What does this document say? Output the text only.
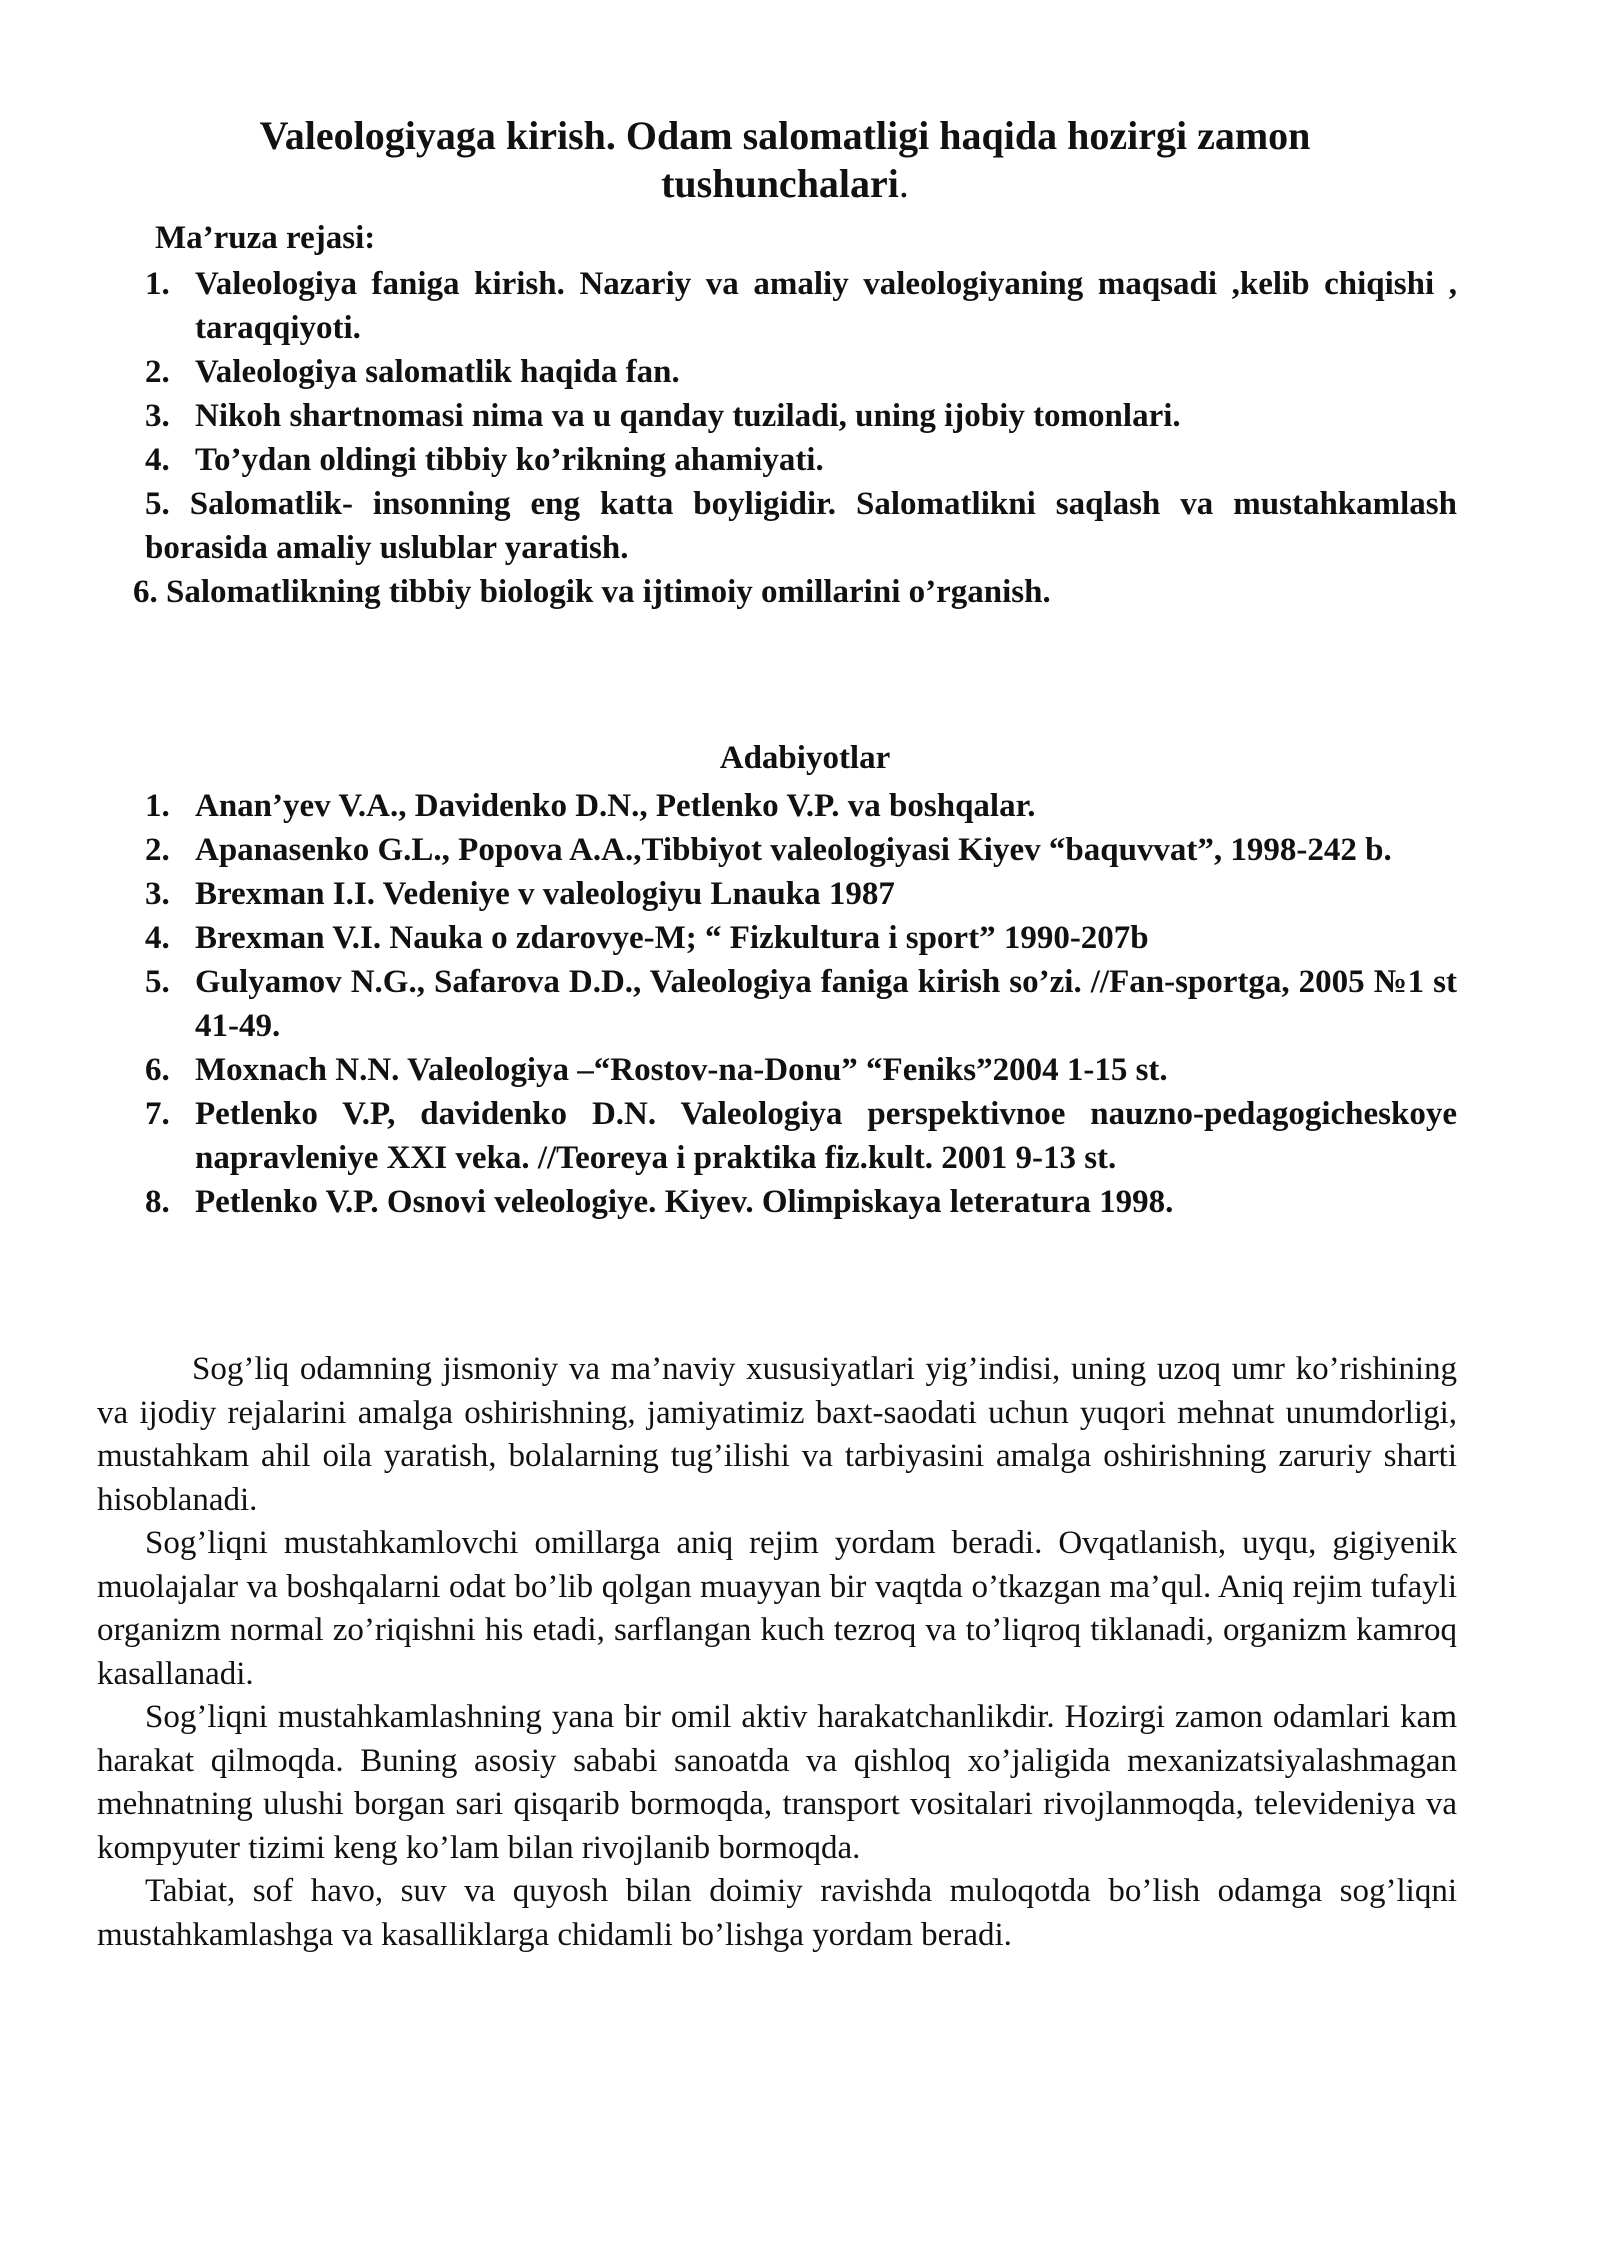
Valeologiyaga kirish. Odam salomatligi haqida hozirgi zamon tushunchalari.

Ma’ruza rejasi:

1. Valeologiya faniga kirish. Nazariy va amaliy valeologiyaning maqsadi ,kelib chiqishi , taraqqiyoti.
2. Valeologiya salomatlik haqida fan.
3. Nikoh shartnomasi nima va u qanday tuziladi, uning ijobiy tomonlari.
4. To’ydan oldingi tibbiy ko’rikning ahamiyati.
5. Salomatlik- insonning eng katta boyligidir. Salomatlikni saqlash va mustahkamlash borasida amaliy uslublar yaratish.
6. Salomatlikning tibbiy biologik va ijtimoiy omillarini o’rganish.

Adabiyotlar

1. Anan’yev V.A., Davidenko D.N., Petlenko V.P. va boshqalar.
2. Apanasenko G.L., Popova A.A.,Tibbiyot valeologiyasi Kiyev “baquvvat”, 1998-242 b.
3. Brexman I.I. Vedeniye v valeologiyu Lnauka 1987
4. Brexman V.I. Nauka o zdarovye-M; “ Fizkultura i sport” 1990-207b
5. Gulyamov N.G., Safarova D.D., Valeologiya faniga kirish so’zi. //Fan-sportga, 2005 №1 st 41-49.
6. Moxnach N.N. Valeologiya –“Rostov-na-Donu” “Feniks”2004 1-15 st.
7. Petlenko V.P, davidenko D.N. Valeologiya perspektivnoe nauzno-pedagogicheskoye napravleniye XXI veka. //Teoreya i praktika fiz.kult. 2001 9-13 st.
8. Petlenko V.P. Osnovi veleologiye. Kiyev. Olimpiskaya leteratura 1998.

Sog’liq odamning jismoniy va ma’naviy xususiyatlari yig’indisi, uning uzoq umr ko’rishining va ijodiy rejalarini amalga oshirishning, jamiyatimiz baxt-saodati uchun yuqori mehnat unumdorligi, mustahkam ahil oila yaratish, bolalarning tug’ilishi va tarbiyasini amalga oshirishning zaruriy sharti hisoblanadi.

Sog’liqni mustahkamlovchi omillarga aniq rejim yordam beradi. Ovqatlanish, uyqu, gigiyenik muolajalar va boshqalarni odat bo’lib qolgan muayyan bir vaqtda o’tkazgan ma’qul. Aniq rejim tufayli organizm normal zo’riqishni his etadi, sarflangan kuch tezroq va to’liqroq tiklanadi, organizm kamroq kasallanadi.

Sog’liqni mustahkamlashning yana bir omil aktiv harakatchanlikdir. Hozirgi zamon odamlari kam harakat qilmoqda. Buning asosiy sababi sanoatda va qishloq xo’jaligida mexanizatsiyalashmagan mehnatning ulushi borgan sari qisqarib bormoqda, transport vositalari rivojlanmoqda, televideniya va kompyuter tizimi keng ko’lam bilan rivojlanib bormoqda.

Tabiat, sof havo, suv va quyosh bilan doimiy ravishda muloqotda bo’lish odamga sog’liqni mustahkamlashga va kasalliklarga chidamli bo’lishga yordam beradi.
